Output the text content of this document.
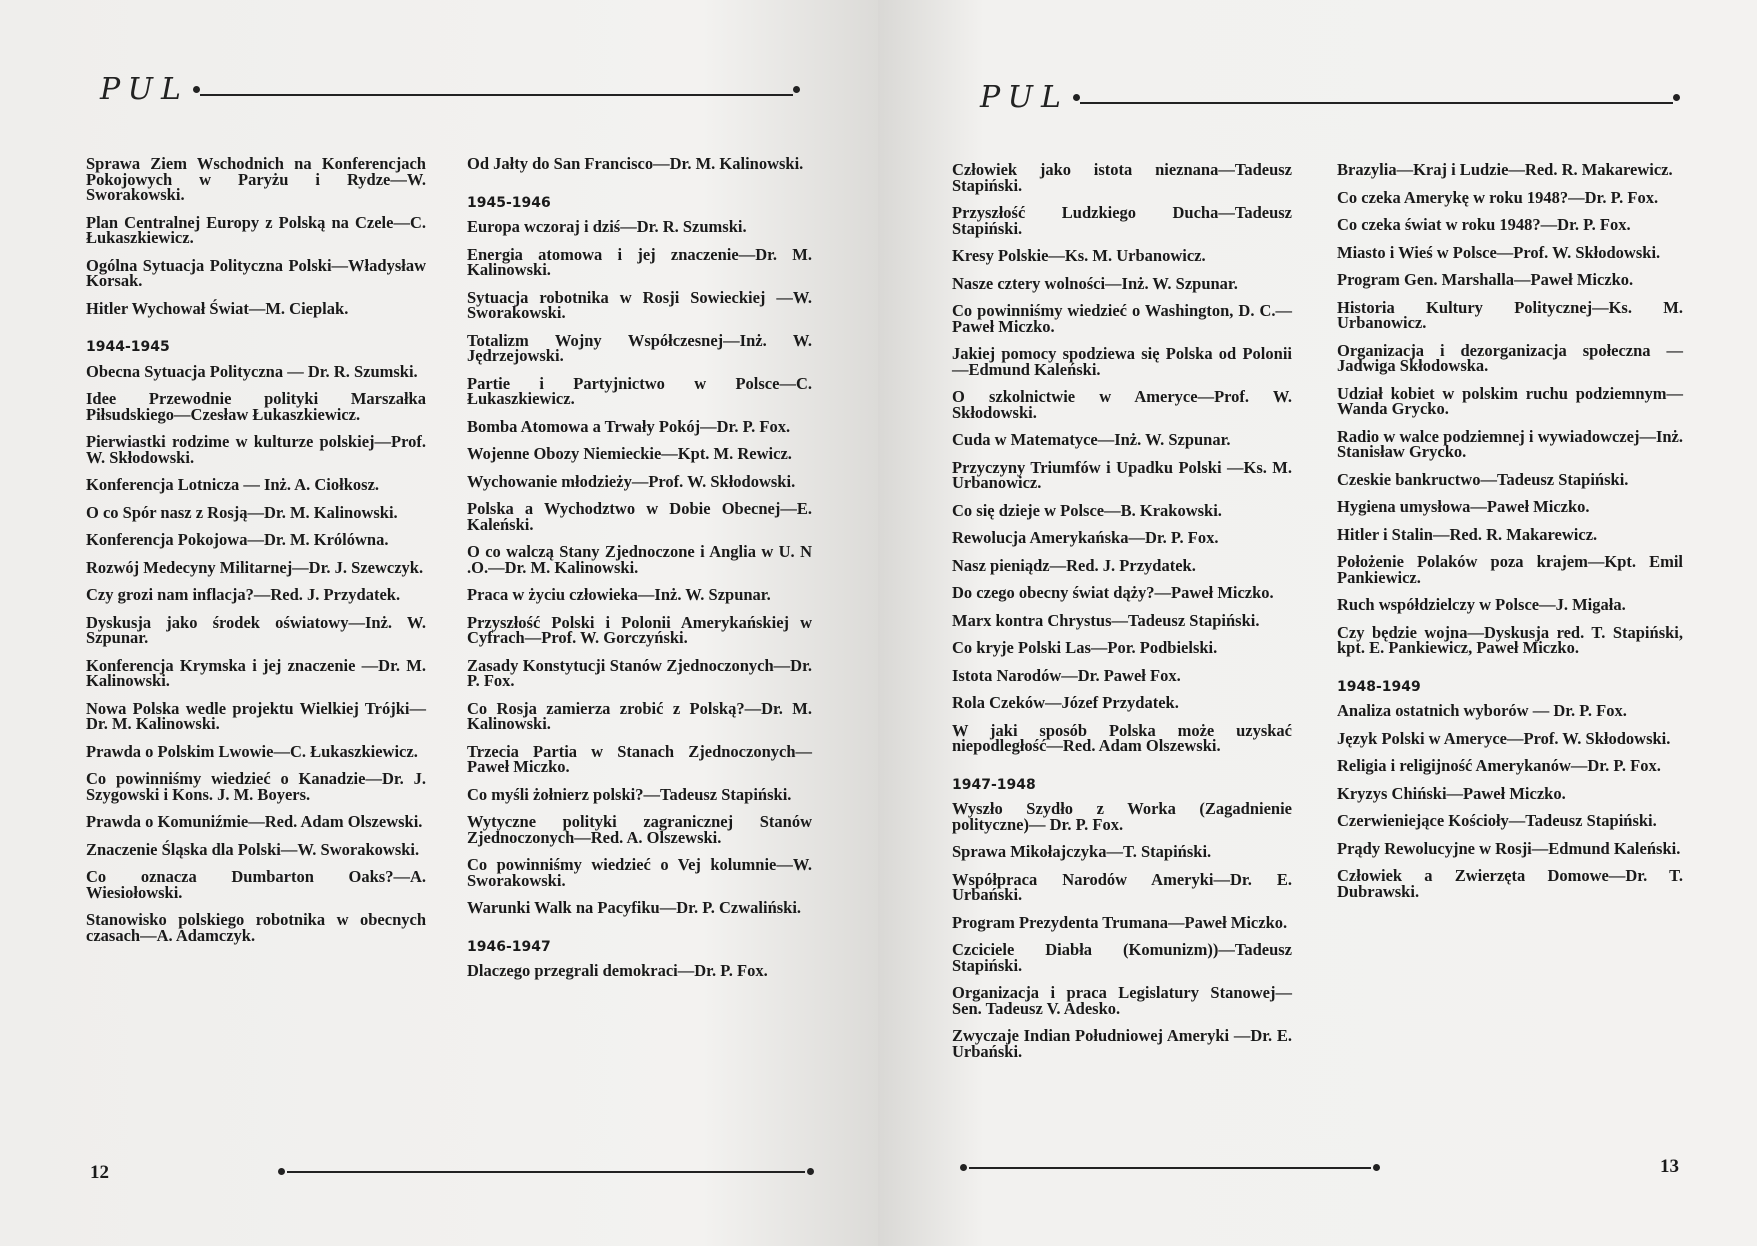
PUL
Sprawa Ziem Wschodnich na Konferencjach Pokojowych w Paryżu i Rydze—W. Sworakowski.
Plan Centralnej Europy z Polską na Czele—C. Łukaszkiewicz.
Ogólna Sytuacja Polityczna Polski—Władysław Korsak.
Hitler Wychował Świat—M. Cieplak.
1944-1945
Obecna Sytuacja Polityczna — Dr. R. Szumski.
Idee Przewodnie polityki Marszałka Piłsudskiego—Czesław Łukaszkiewicz.
Pierwiastki rodzime w kulturze polskiej—Prof. W. Skłodowski.
Konferencja Lotnicza — Inż. A. Ciołkosz.
O co Spór nasz z Rosją—Dr. M. Kalinowski.
Konferencja Pokojowa—Dr. M. Królówna.
Rozwój Medecyny Militarnej—Dr. J. Szewczyk.
Czy grozi nam inflacja?—Red. J. Przydatek.
Dyskusja jako środek oświatowy—Inż. W. Szpunar.
Konferencja Krymska i jej znaczenie —Dr. M. Kalinowski.
Nowa Polska wedle projektu Wielkiej Trójki—Dr. M. Kalinowski.
Prawda o Polskim Lwowie—C. Łukaszkiewicz.
Co powinniśmy wiedzieć o Kanadzie—Dr. J. Szygowski i Kons. J. M. Boyers.
Prawda o Komuniźmie—Red. Adam Olszewski.
Znaczenie Śląska dla Polski—W. Sworakowski.
Co oznacza Dumbarton Oaks?—A. Wiesiołowski.
Stanowisko polskiego robotnika w obecnych czasach—A. Adamczyk.
Od Jałty do San Francisco—Dr. M. Kalinowski.
1945-1946
Europa wczoraj i dziś—Dr. R. Szumski.
Energia atomowa i jej znaczenie—Dr. M. Kalinowski.
Sytuacja robotnika w Rosji Sowieckiej —W. Sworakowski.
Totalizm Wojny Współczesnej—Inż. W. Jędrzejowski.
Partie i Partyjnictwo w Polsce—C. Łukaszkiewicz.
Bomba Atomowa a Trwały Pokój—Dr. P. Fox.
Wojenne Obozy Niemieckie—Kpt. M. Rewicz.
Wychowanie młodzieży—Prof. W. Skłodowski.
Polska a Wychodztwo w Dobie Obecnej—E. Kaleński.
O co walczą Stany Zjednoczone i Anglia w U. N .O.—Dr. M. Kalinowski.
Praca w życiu człowieka—Inż. W. Szpunar.
Przyszłość Polski i Polonii Amerykańskiej w Cyfrach—Prof. W. Gorczyński.
Zasady Konstytucji Stanów Zjednoczonych—Dr. P. Fox.
Co Rosja zamierza zrobić z Polską?—Dr. M. Kalinowski.
Trzecia Partia w Stanach Zjednoczonych—Paweł Miczko.
Co myśli żołnierz polski?—Tadeusz Stapiński.
Wytyczne polityki zagranicznej Stanów Zjednoczonych—Red. A. Olszewski.
Co powinniśmy wiedzieć o Vej kolumnie—W. Sworakowski.
Warunki Walk na Pacyfiku—Dr. P. Czwaliński.
1946-1947
Dlaczego przegrali demokraci—Dr. P. Fox.
12
PUL
Człowiek jako istota nieznana—Tadeusz Stapiński.
Przyszłość Ludzkiego Ducha—Tadeusz Stapiński.
Kresy Polskie—Ks. M. Urbanowicz.
Nasze cztery wolności—Inż. W. Szpunar.
Co powinniśmy wiedzieć o Washington, D. C.—Paweł Miczko.
Jakiej pomocy spodziewa się Polska od Polonii—Edmund Kaleński.
O szkolnictwie w Ameryce—Prof. W. Skłodowski.
Cuda w Matematyce—Inż. W. Szpunar.
Przyczyny Triumfów i Upadku Polski —Ks. M. Urbanowicz.
Co się dzieje w Polsce—B. Krakowski.
Rewolucja Amerykańska—Dr. P. Fox.
Nasz pieniądz—Red. J. Przydatek.
Do czego obecny świat dąży?—Paweł Miczko.
Marx kontra Chrystus—Tadeusz Stapiński.
Co kryje Polski Las—Por. Podbielski.
Istota Narodów—Dr. Paweł Fox.
Rola Czeków—Józef Przydatek.
W jaki sposób Polska może uzyskać niepodległość—Red. Adam Olszewski.
1947-1948
Wyszło Szydło z Worka (Zagadnienie polityczne)— Dr. P. Fox.
Sprawa Mikołajczyka—T. Stapiński.
Współpraca Narodów Ameryki—Dr. E. Urbański.
Program Prezydenta Trumana—Paweł Miczko.
Czciciele Diabła (Komunizm))—Tadeusz Stapiński.
Organizacja i praca Legislatury Stanowej—Sen. Tadeusz V. Adesko.
Zwyczaje Indian Południowej Ameryki —Dr. E. Urbański.
Brazylia—Kraj i Ludzie—Red. R. Makarewicz.
Co czeka Amerykę w roku 1948?—Dr. P. Fox.
Co czeka świat w roku 1948?—Dr. P. Fox.
Miasto i Wieś w Polsce—Prof. W. Skłodowski.
Program Gen. Marshalla—Paweł Miczko.
Historia Kultury Politycznej—Ks. M. Urbanowicz.
Organizacja i dezorganizacja społeczna —Jadwiga Skłodowska.
Udział kobiet w polskim ruchu podziemnym—Wanda Grycko.
Radio w walce podziemnej i wywiadowczej—Inż. Stanisław Grycko.
Czeskie bankructwo—Tadeusz Stapiński.
Hygiena umysłowa—Paweł Miczko.
Hitler i Stalin—Red. R. Makarewicz.
Położenie Polaków poza krajem—Kpt. Emil Pankiewicz.
Ruch współdzielczy w Polsce—J. Migała.
Czy będzie wojna—Dyskusja red. T. Stapiński, kpt. E. Pankiewicz, Paweł Miczko.
1948-1949
Analiza ostatnich wyborów — Dr. P. Fox.
Język Polski w Ameryce—Prof. W. Skłodowski.
Religia i religijność Amerykanów—Dr. P. Fox.
Kryzys Chiński—Paweł Miczko.
Czerwieniejące Kościoły—Tadeusz Stapiński.
Prądy Rewolucyjne w Rosji—Edmund Kaleński.
Człowiek a Zwierzęta Domowe—Dr. T. Dubrawski.
13
